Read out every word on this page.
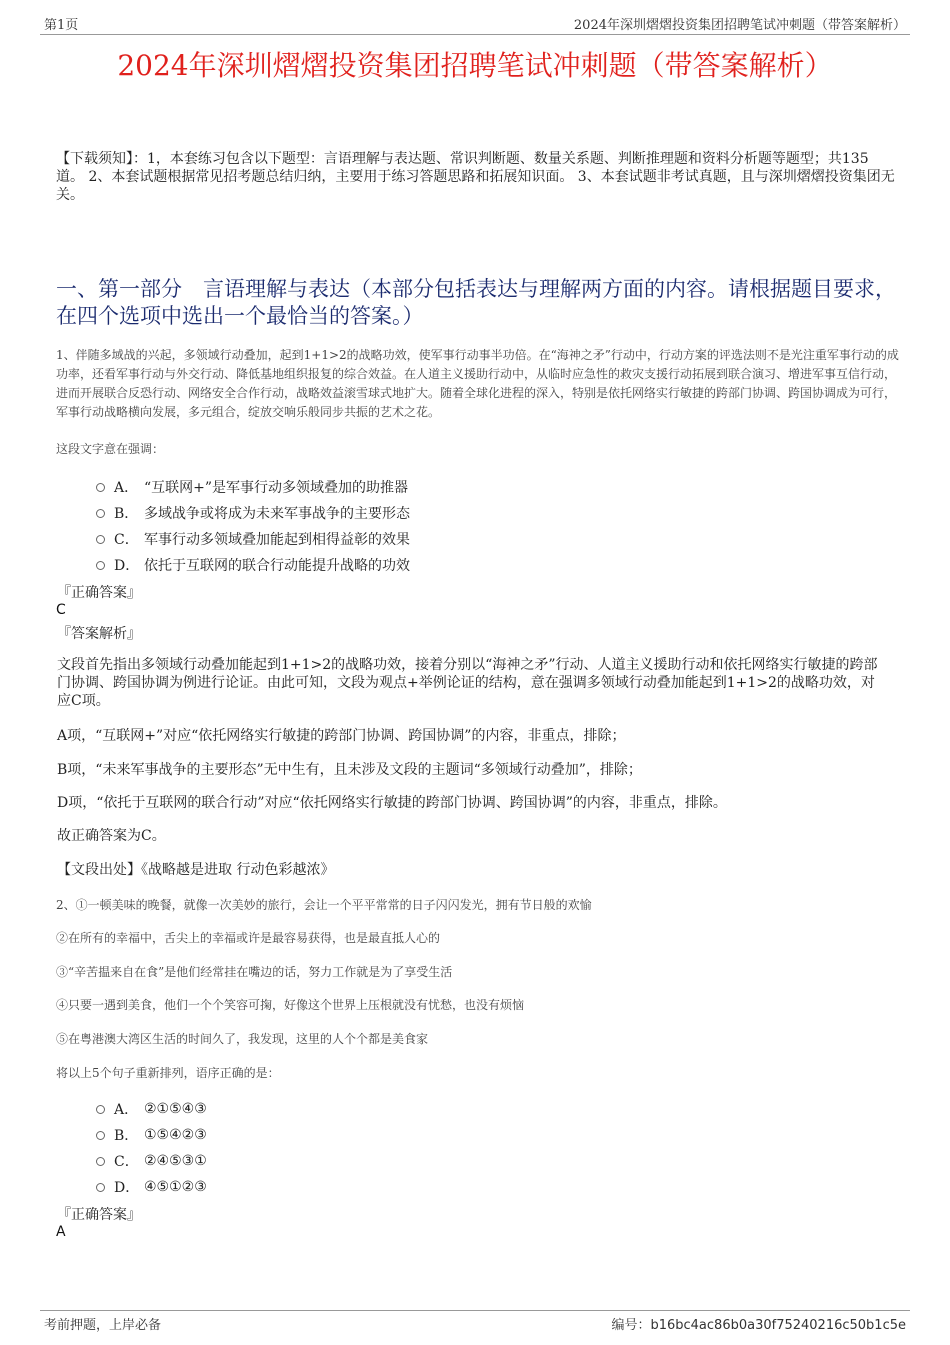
第1页	2024年深圳熠熠投资集团招聘笔试冲刺题（带答案解析）
2024年深圳熠熠投资集团招聘笔试冲刺题（带答案解析）
【下载须知】：1，本套练习包含以下题型：言语理解与表达题、常识判断题、数量关系题、判断推理题和资料分析题等题型；共135道。 2、本套试题根据常见招考题总结归纳，主要用于练习答题思路和拓展知识面。 3、本套试题非考试真题，且与深圳熠熠投资集团无关。
一、第一部分　言语理解与表达（本部分包括表达与理解两方面的内容。请根据题目要求，在四个选项中选出一个最恰当的答案。）
1、伴随多域战的兴起，多领域行动叠加，起到1+1>2的战略功效，使军事行动事半功倍。在“海神之矛”行动中，行动方案的评选法则不是光注重军事行动的成功率，还看军事行动与外交行动、降低基地组织报复的综合效益。在人道主义援助行动中，从临时应急性的救灾支援行动拓展到联合演习、增进军事互信行动，进而开展联合反恐行动、网络安全合作行动，战略效益滚雪球式地扩大。随着全球化进程的深入，特别是依托网络实行敏捷的跨部门协调、跨国协调成为可行，军事行动战略横向发展，多元组合，绽放交响乐般同步共振的艺术之花。
这段文字意在强调：
A． “互联网+”是军事行动多领域叠加的助推器
B． 多域战争或将成为未来军事战争的主要形态
C． 军事行动多领域叠加能起到相得益彰的效果
D． 依托于互联网的联合行动能提升战略的功效
『正确答案』
C
『答案解析』
文段首先指出多领域行动叠加能起到1+1>2的战略功效，接着分别以“海神之矛”行动、人道主义援助行动和依托网络实行敏捷的跨部门协调、跨国协调为例进行论证。由此可知，文段为观点+举例论证的结构，意在强调多领域行动叠加能起到1+1>2的战略功效，对应C项。
A项，“互联网+”对应“依托网络实行敏捷的跨部门协调、跨国协调”的内容，非重点，排除；
B项，“未来军事战争的主要形态”无中生有，且未涉及文段的主题词“多领域行动叠加”，排除；
D项，“依托于互联网的联合行动”对应“依托网络实行敏捷的跨部门协调、跨国协调”的内容，非重点，排除。
故正确答案为C。
【文段出处】《战略越是进取 行动色彩越浓》
2、①一顿美味的晚餐，就像一次美妙的旅行，会让一个平平常常的日子闪闪发光，拥有节日般的欢愉
②在所有的幸福中，舌尖上的幸福或许是最容易获得，也是最直抵人心的
③“辛苦揾来自在食”是他们经常挂在嘴边的话，努力工作就是为了享受生活
④只要一遇到美食，他们一个个笑容可掬，好像这个世界上压根就没有忧愁，也没有烦恼
⑤在粤港澳大湾区生活的时间久了，我发现，这里的人个个都是美食家
将以上5个句子重新排列，语序正确的是：
A． ②①⑤④③
B． ①⑤④②③
C． ②④⑤③①
D． ④⑤①②③
『正确答案』
A
考前押题，上岸必备	编号：b16bc4ac86b0a30f75240216c50b1c5e
